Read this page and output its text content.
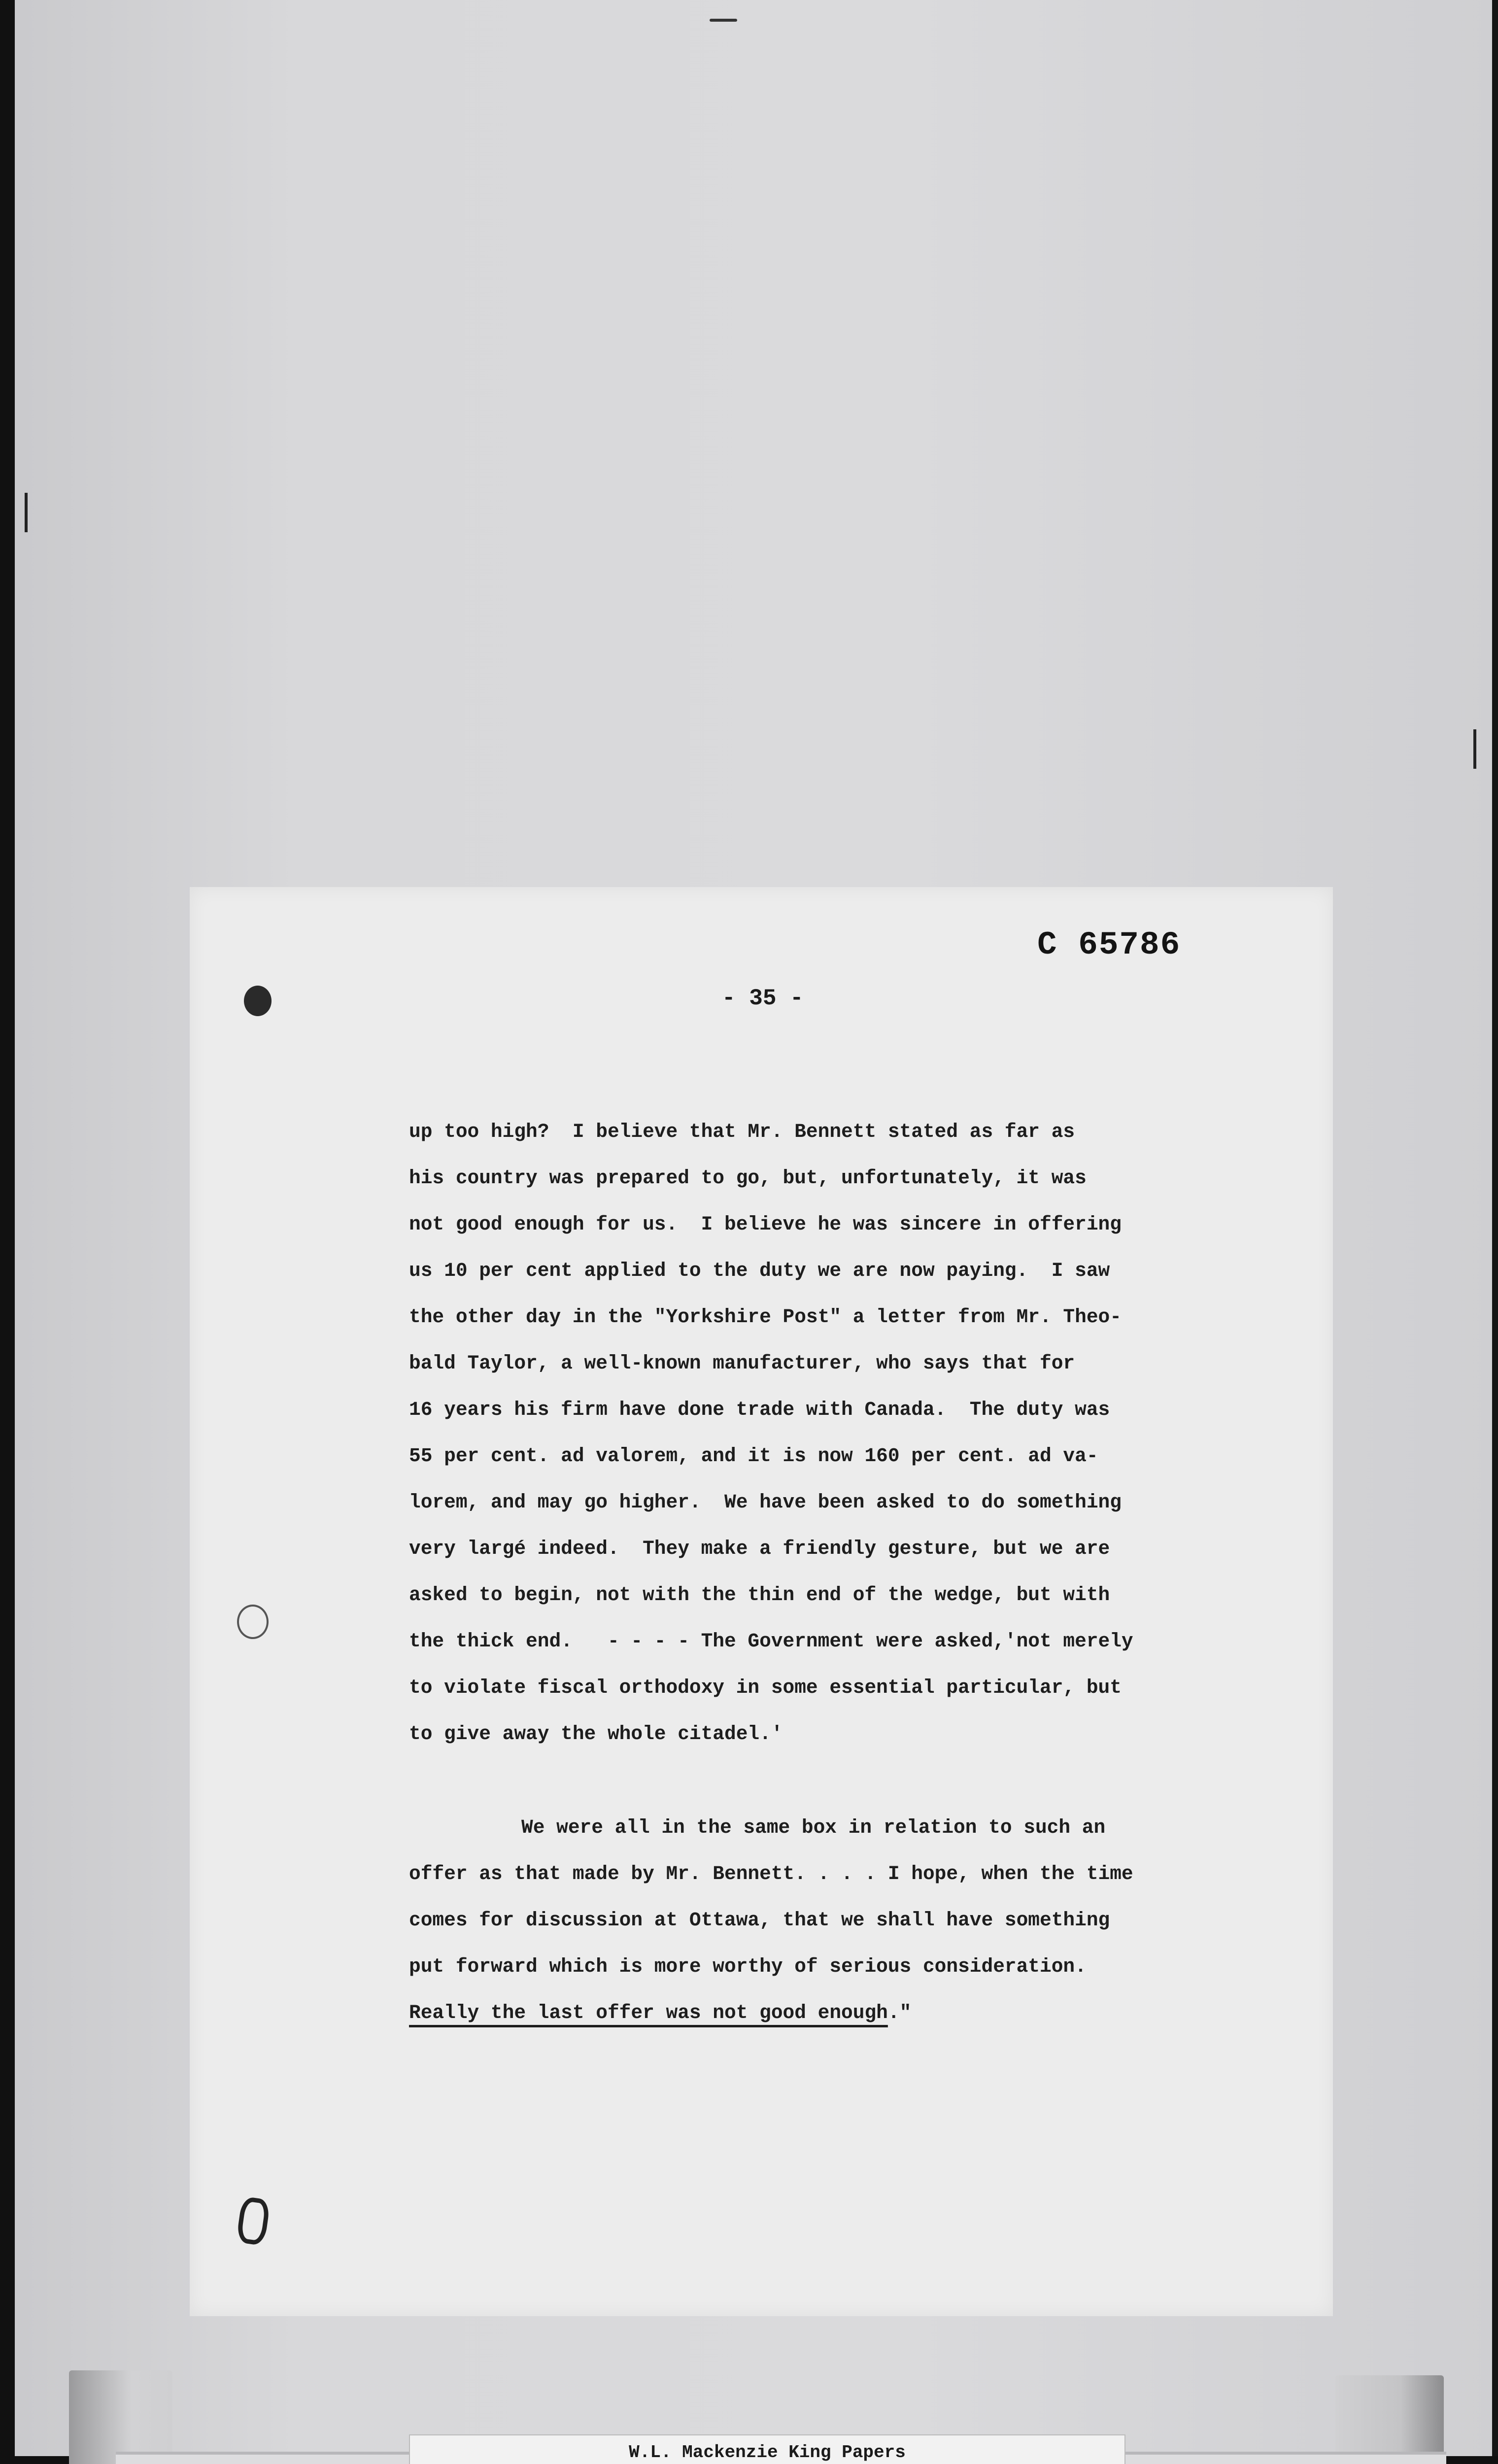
C 65786
- 35 -
up too high?  I believe that Mr. Bennett stated as far as
his country was prepared to go, but, unfortunately, it was
not good enough for us.  I believe he was sincere in offering
us 10 per cent applied to the duty we are now paying.  I saw
the other day in the "Yorkshire Post" a letter from Mr. Theo-
bald Taylor, a well-known manufacturer, who says that for
16 years his firm have done trade with Canada.  The duty was
55 per cent. ad valorem, and it is now 160 per cent. ad va-
lorem, and may go higher.  We have been asked to do something
very largé indeed.  They make a friendly gesture, but we are
asked to begin, not with the thin end of the wedge, but with
the thick end.   - - - - The Government were asked,'not merely
to violate fiscal orthodoxy in some essential particular, but
to give away the whole citadel.'
We were all in the same box in relation to such an
offer as that made by Mr. Bennett. . . . I hope, when the time
comes for discussion at Ottawa, that we shall have something
put forward which is more worthy of serious consideration.
Really the last offer was not good enough."
W.L. Mackenzie King Papers
